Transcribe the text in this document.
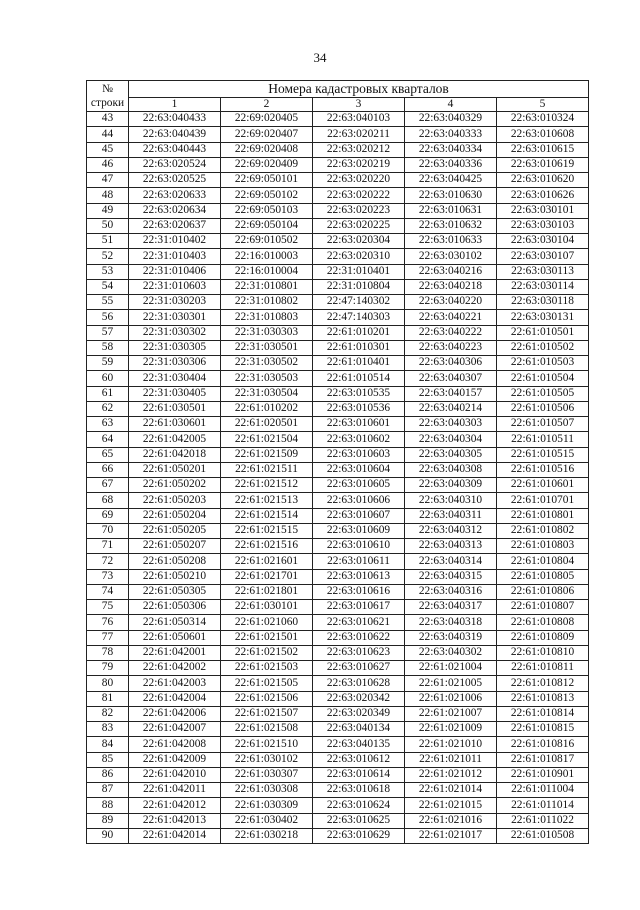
34
№
строки	Номера кадастровых кварталов				
	1	2	3	4	5
43	22:63:040433	22:69:020405	22:63:040103	22:63:040329	22:63:010324
44	22:63:040439	22:69:020407	22:63:020211	22:63:040333	22:63:010608
45	22:63:040443	22:69:020408	22:63:020212	22:63:040334	22:63:010615
46	22:63:020524	22:69:020409	22:63:020219	22:63:040336	22:63:010619
47	22:63:020525	22:69:050101	22:63:020220	22:63:040425	22:63:010620
48	22:63:020633	22:69:050102	22:63:020222	22:63:010630	22:63:010626
49	22:63:020634	22:69:050103	22:63:020223	22:63:010631	22:63:030101
50	22:63:020637	22:69:050104	22:63:020225	22:63:010632	22:63:030103
51	22:31:010402	22:69:010502	22:63:020304	22:63:010633	22:63:030104
52	22:31:010403	22:16:010003	22:63:020310	22:63:030102	22:63:030107
53	22:31:010406	22:16:010004	22:31:010401	22:63:040216	22:63:030113
54	22:31:010603	22:31:010801	22:31:010804	22:63:040218	22:63:030114
55	22:31:030203	22:31:010802	22:47:140302	22:63:040220	22:63:030118
56	22:31:030301	22:31:010803	22:47:140303	22:63:040221	22:63:030131
57	22:31:030302	22:31:030303	22:61:010201	22:63:040222	22:61:010501
58	22:31:030305	22:31:030501	22:61:010301	22:63:040223	22:61:010502
59	22:31:030306	22:31:030502	22:61:010401	22:63:040306	22:61:010503
60	22:31:030404	22:31:030503	22:61:010514	22:63:040307	22:61:010504
61	22:31:030405	22:31:030504	22:63:010535	22:63:040157	22:61:010505
62	22:61:030501	22:61:010202	22:63:010536	22:63:040214	22:61:010506
63	22:61:030601	22:61:020501	22:63:010601	22:63:040303	22:61:010507
64	22:61:042005	22:61:021504	22:63:010602	22:63:040304	22:61:010511
65	22:61:042018	22:61:021509	22:63:010603	22:63:040305	22:61:010515
66	22:61:050201	22:61:021511	22:63:010604	22:63:040308	22:61:010516
67	22:61:050202	22:61:021512	22:63:010605	22:63:040309	22:61:010601
68	22:61:050203	22:61:021513	22:63:010606	22:63:040310	22:61:010701
69	22:61:050204	22:61:021514	22:63:010607	22:63:040311	22:61:010801
70	22:61:050205	22:61:021515	22:63:010609	22:63:040312	22:61:010802
71	22:61:050207	22:61:021516	22:63:010610	22:63:040313	22:61:010803
72	22:61:050208	22:61:021601	22:63:010611	22:63:040314	22:61:010804
73	22:61:050210	22:61:021701	22:63:010613	22:63:040315	22:61:010805
74	22:61:050305	22:61:021801	22:63:010616	22:63:040316	22:61:010806
75	22:61:050306	22:61:030101	22:63:010617	22:63:040317	22:61:010807
76	22:61:050314	22:61:021060	22:63:010621	22:63:040318	22:61:010808
77	22:61:050601	22:61:021501	22:63:010622	22:63:040319	22:61:010809
78	22:61:042001	22:61:021502	22:63:010623	22:63:040302	22:61:010810
79	22:61:042002	22:61:021503	22:63:010627	22:61:021004	22:61:010811
80	22:61:042003	22:61:021505	22:63:010628	22:61:021005	22:61:010812
81	22:61:042004	22:61:021506	22:63:020342	22:61:021006	22:61:010813
82	22:61:042006	22:61:021507	22:63:020349	22:61:021007	22:61:010814
83	22:61:042007	22:61:021508	22:63:040134	22:61:021009	22:61:010815
84	22:61:042008	22:61:021510	22:63:040135	22:61:021010	22:61:010816
85	22:61:042009	22:61:030102	22:63:010612	22:61:021011	22:61:010817
86	22:61:042010	22:61:030307	22:63:010614	22:61:021012	22:61:010901
87	22:61:042011	22:61:030308	22:63:010618	22:61:021014	22:61:011004
88	22:61:042012	22:61:030309	22:63:010624	22:61:021015	22:61:011014
89	22:61:042013	22:61:030402	22:63:010625	22:61:021016	22:61:011022
90	22:61:042014	22:61:030218	22:63:010629	22:61:021017	22:61:010508
